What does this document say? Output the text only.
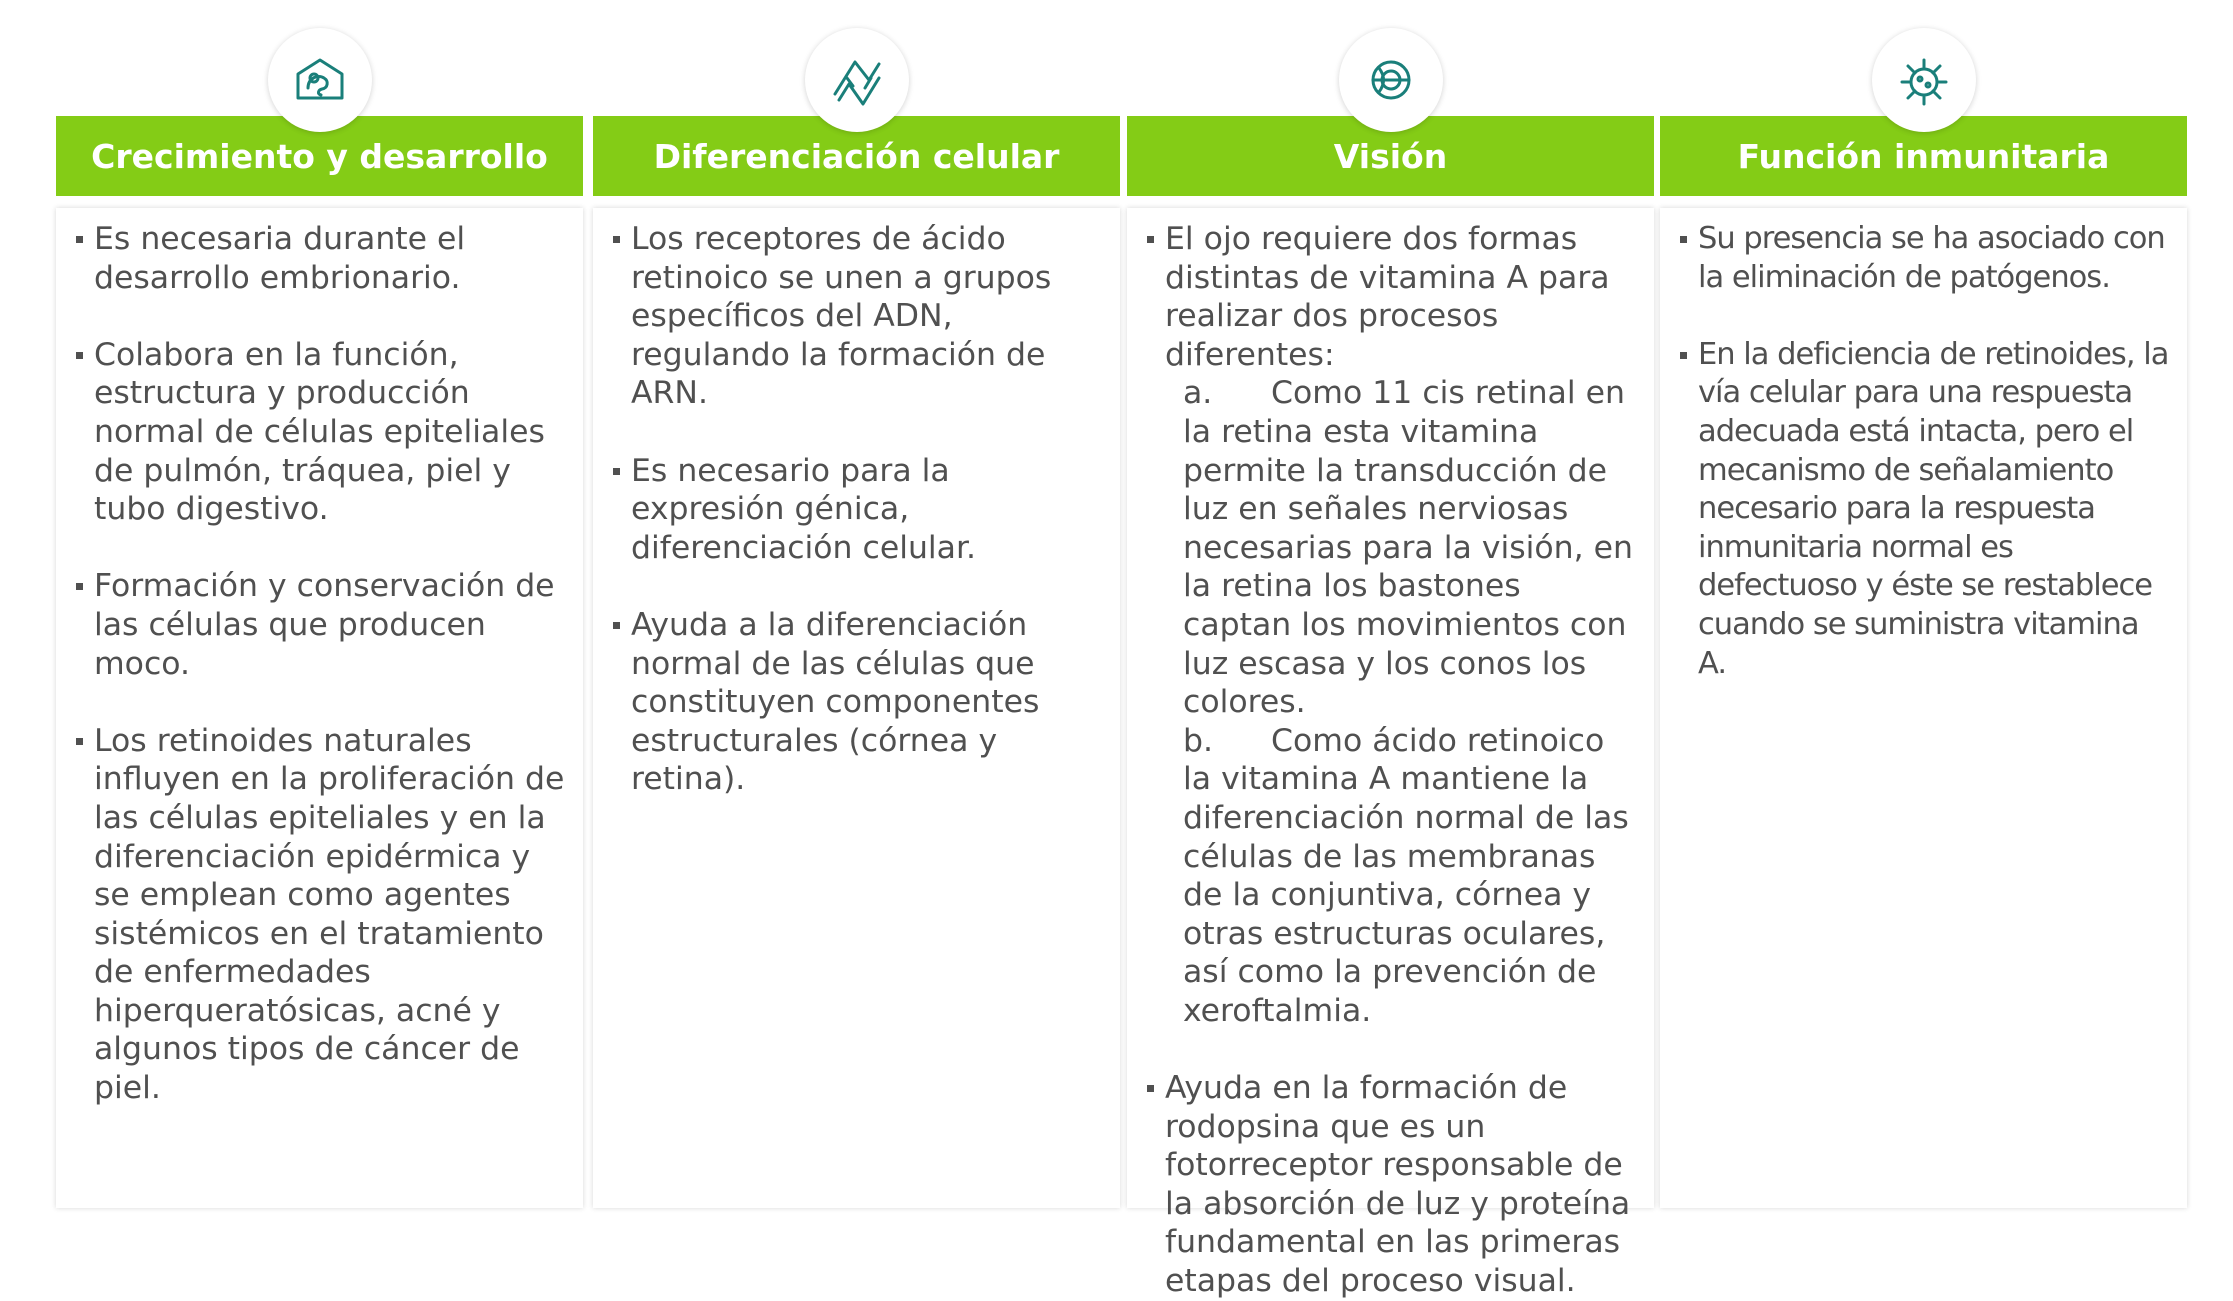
Crecimiento y desarrollo
Es necesaria durante el desarrollo embrionario.
Colabora en la función, estructura y producción normal de células epiteliales de pulmón, tráquea, piel y tubo digestivo.
Formación y conservación de las células que producen moco.
Los retinoides naturales influyen en la proliferación de las células epiteliales y en la diferenciación epidérmica y se emplean como agentes sistémicos en el tratamiento de enfermedades hiperqueratósicas, acné y algunos tipos de cáncer de piel.
Diferenciación celular
Los receptores de ácido retinoico se unen a grupos específicos del ADN, regulando la formación de ARN.
Es necesario para la expresión génica, diferenciación celular.
Ayuda a la diferenciación normal de las células que constituyen componentes estructurales (córnea y retina).
Visión
El ojo requiere dos formas distintas de vitamina A para realizar dos procesos diferentes:
a. Como 11 cis retinal en la retina esta vitamina permite la transducción de luz en señales nerviosas necesarias para la visión, en la retina los bastones captan los movimientos con luz escasa y los conos los colores.
b. Como ácido retinoico la vitamina A mantiene la diferenciación normal de las células de las membranas de la conjuntiva, córnea y otras estructuras oculares, así como la prevención de xeroftalmia.
Ayuda en la formación de rodopsina que es un fotorreceptor responsable de la absorción de luz y proteína fundamental en las primeras etapas del proceso visual.
Función inmunitaria
Su presencia se ha asociado con la eliminación de patógenos.
En la deficiencia de retinoides, la vía celular para una respuesta adecuada está intacta, pero el mecanismo de señalamiento necesario para la respuesta inmunitaria normal es defectuoso y éste se restablece cuando se suministra vitamina A.
